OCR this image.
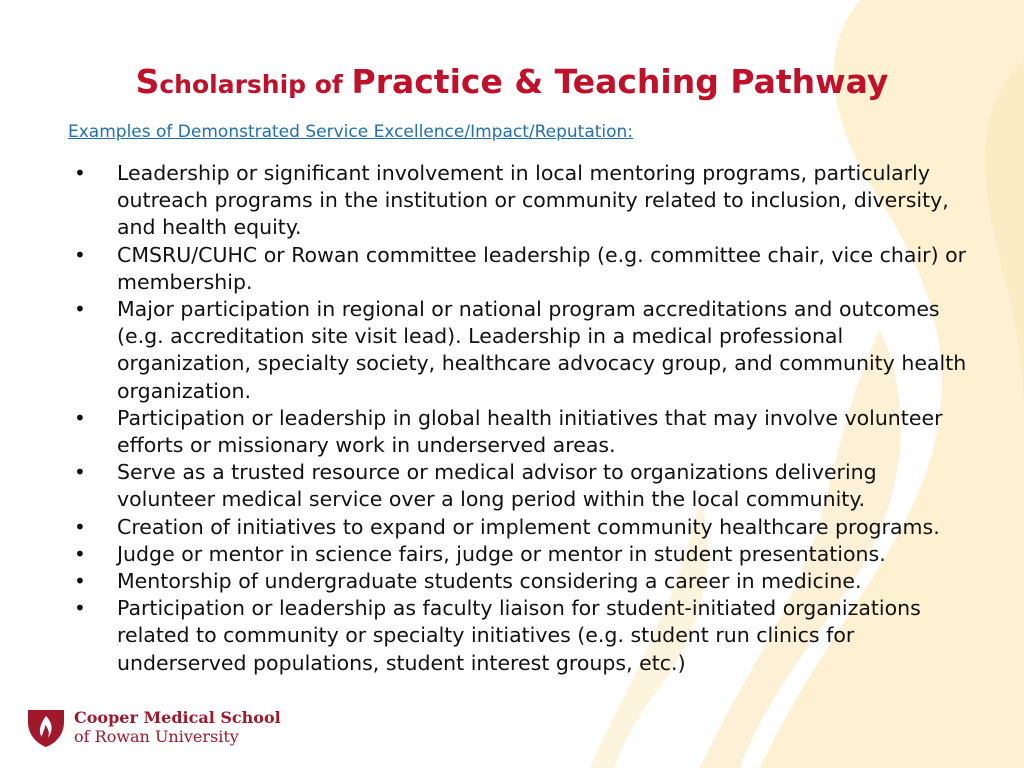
Scholarship of Practice & Teaching Pathway
Examples of Demonstrated Service Excellence/Impact/Reputation:
• Leadership or significant involvement in local mentoring programs, particularly outreach programs in the institution or community related to inclusion, diversity, and health equity.
• CMSRU/CUHC or Rowan committee leadership (e.g. committee chair, vice chair) or membership.
• Major participation in regional or national program accreditations and outcomes (e.g. accreditation site visit lead). Leadership in a medical professional organization, specialty society, healthcare advocacy group, and community health organization.
• Participation or leadership in global health initiatives that may involve volunteer efforts or missionary work in underserved areas.
• Serve as a trusted resource or medical advisor to organizations delivering volunteer medical service over a long period within the local community.
• Creation of initiatives to expand or implement community healthcare programs.
• Judge or mentor in science fairs, judge or mentor in student presentations.
• Mentorship of undergraduate students considering a career in medicine.
• Participation or leadership as faculty liaison for student-initiated organizations related to community or specialty initiatives (e.g. student run clinics for underserved populations, student interest groups, etc.)
Cooper Medical School
of Rowan University
